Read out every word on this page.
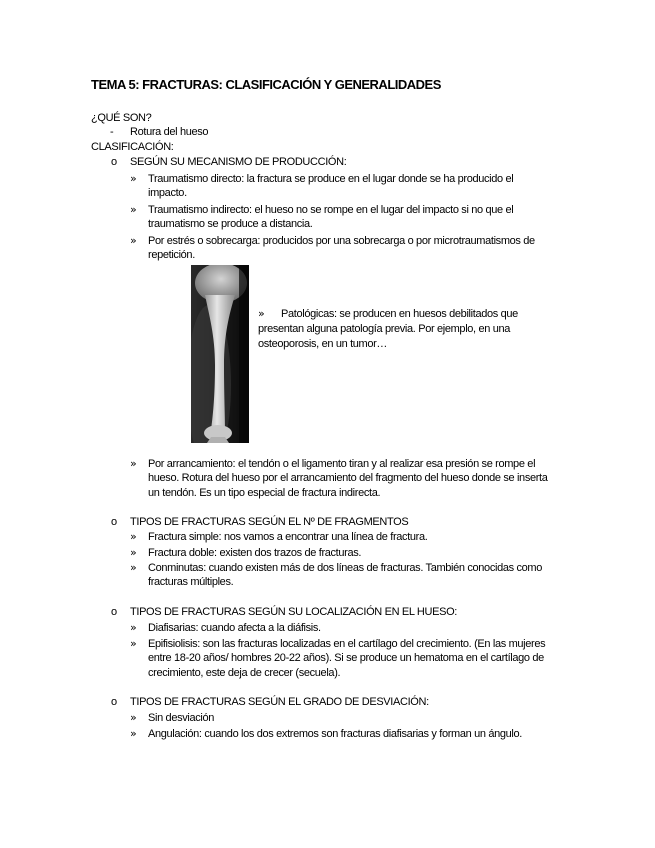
TEMA 5: FRACTURAS: CLASIFICACIÓN Y GENERALIDADES
¿QUÉ SON?
- Rotura del hueso
CLASIFICACIÓN:
o SEGÚN SU MECANISMO DE PRODUCCIÓN:
» Traumatismo directo: la fractura se produce en el lugar donde se ha producido el
impacto.
» Traumatismo indirecto: el hueso no se rompe en el lugar del impacto si no que el
traumatismo se produce a distancia.
» Por estrés o sobrecarga: producidos por una sobrecarga o por microtraumatismos de
repetición.
» Patológicas: se producen en huesos debilitados que
presentan alguna patología previa. Por ejemplo, en una
osteoporosis, en un tumor…
» Por arrancamiento: el tendón o el ligamento tiran y al realizar esa presión se rompe el
hueso. Rotura del hueso por el arrancamiento del fragmento del hueso donde se inserta
un tendón. Es un tipo especial de fractura indirecta.
o TIPOS DE FRACTURAS SEGÚN EL Nº DE FRAGMENTOS
» Fractura simple: nos vamos a encontrar una línea de fractura.
» Fractura doble: existen dos trazos de fracturas.
» Conminutas: cuando existen más de dos líneas de fracturas. También conocidas como
fracturas múltiples.
o TIPOS DE FRACTURAS SEGÚN SU LOCALIZACIÓN EN EL HUESO:
» Diafisarias: cuando afecta a la diáfisis.
» Epifisiolisis: son las fracturas localizadas en el cartílago del crecimiento. (En las mujeres
entre 18-20 años/ hombres 20-22 años). Si se produce un hematoma en el cartílago de
crecimiento, este deja de crecer (secuela).
o TIPOS DE FRACTURAS SEGÚN EL GRADO DE DESVIACIÓN:
» Sin desviación
» Angulación: cuando los dos extremos son fracturas diafisarias y forman un ángulo.
